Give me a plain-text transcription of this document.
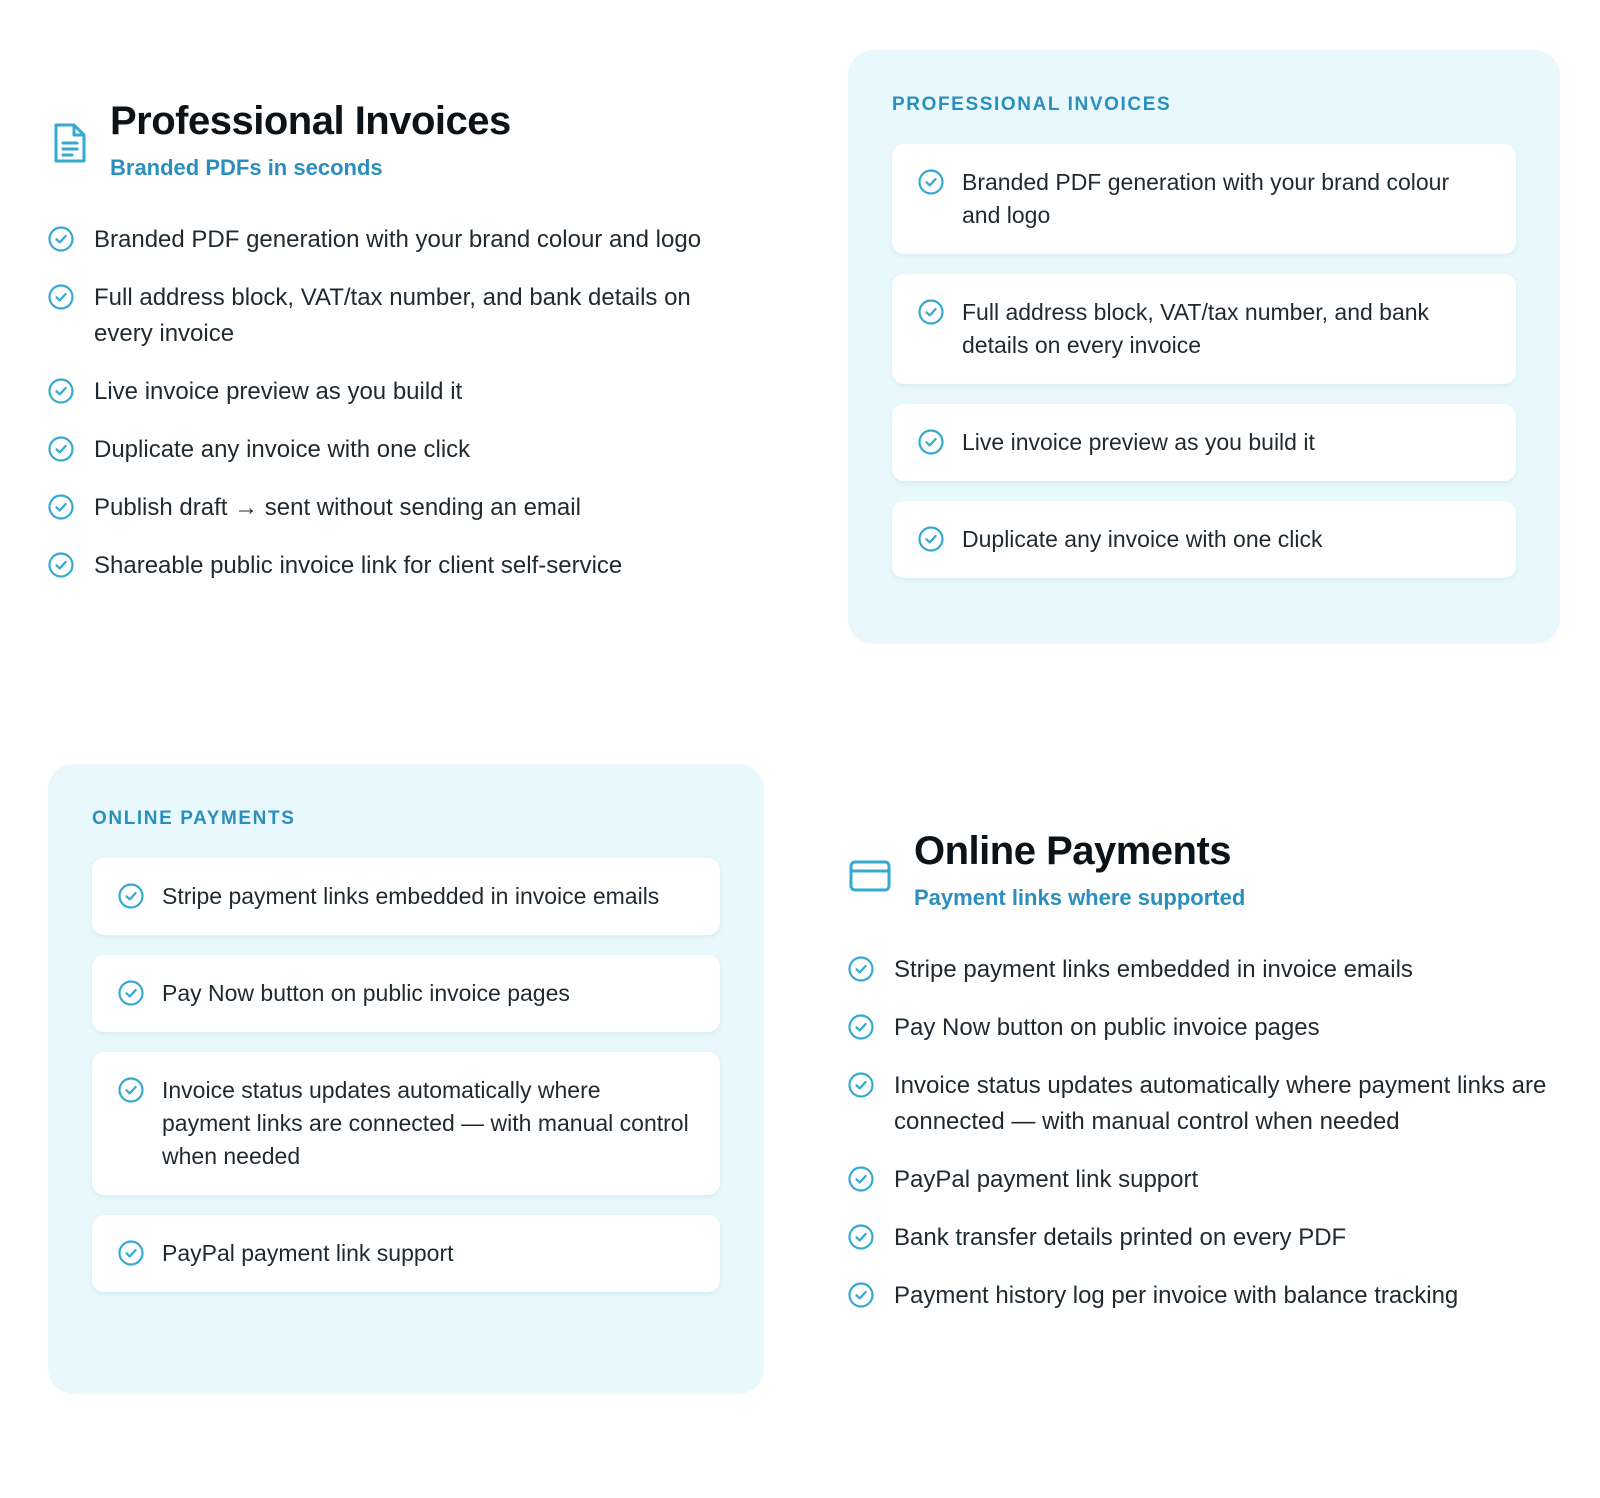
Professional Invoices

Branded PDFs in seconds

Branded PDF generation with your brand colour and logo
Full address block, VAT/tax number, and bank details on every invoice
Live invoice preview as you build it
Duplicate any invoice with one click
Publish draft → sent without sending an email
Shareable public invoice link for client self-service

PROFESSIONAL INVOICES

Branded PDF generation with your brand colour and logo
Full address block, VAT/tax number, and bank details on every invoice
Live invoice preview as you build it
Duplicate any invoice with one click

ONLINE PAYMENTS

Stripe payment links embedded in invoice emails
Pay Now button on public invoice pages
Invoice status updates automatically where payment links are connected — with manual control when needed
PayPal payment link support
Online Payments

Payment links where supported

Stripe payment links embedded in invoice emails
Pay Now button on public invoice pages
Invoice status updates automatically where payment links are connected — with manual control when needed
PayPal payment link support
Bank transfer details printed on every PDF
Payment history log per invoice with balance tracking
